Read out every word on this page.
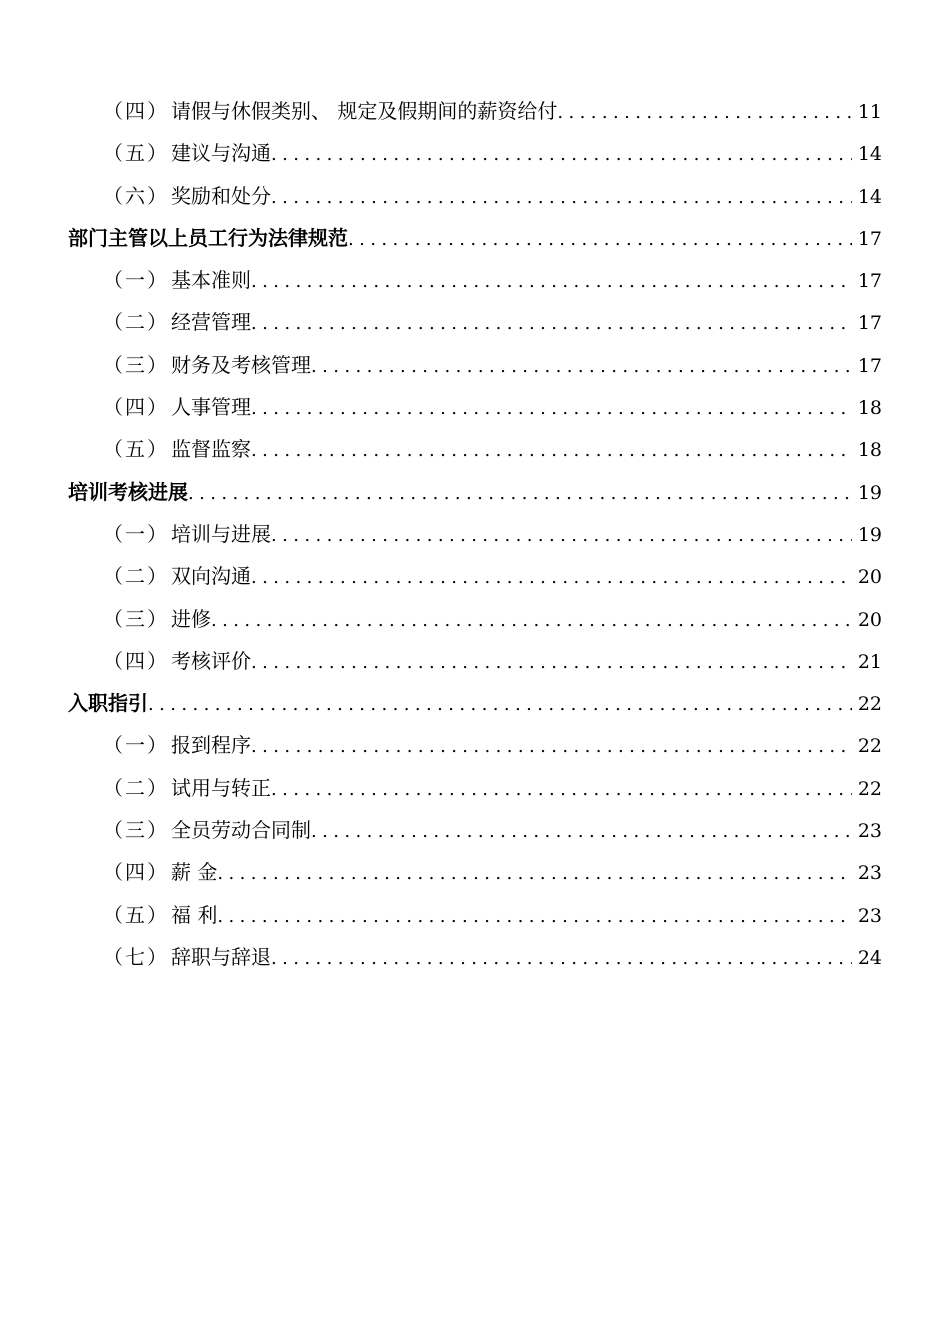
（四） 请假与休假类别、 规定及假期间的薪资给付 .....	11
（五） 建议与沟通 .....	14
（六） 奖励和处分 .....	14
部门主管以上员工行为法律规范 .....	17
（一） 基本准则 .....	17
（二） 经营管理 .....	17
（三） 财务及考核管理 .....	17
（四） 人事管理 .....	18
（五） 监督监察 .....	18
培训考核进展 .....	19
（一） 培训与进展 .....	19
（二） 双向沟通 .....	20
（三） 进修 .....	20
（四） 考核评价 .....	21
入职指引 .....	22
（一） 报到程序 .....	22
（二） 试用与转正 .....	22
（三） 全员劳动合同制 .....	23
（四） 薪 金 .....	23
（五） 福 利 .....	23
（七） 辞职与辞退 .....	24
